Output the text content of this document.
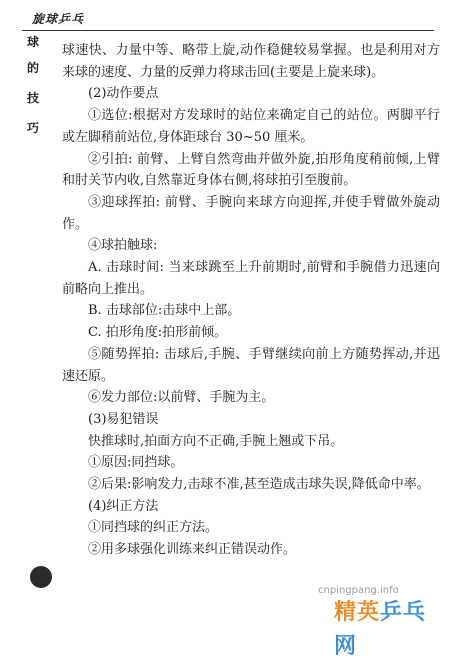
旋球乒乓
球
的
技
巧

球速快、力量中等、略带上旋,动作稳健较易掌握。也是利用对方来球的速度、力量的反弹力将球击回(主要是上旋来球)。

(2)动作要点

①选位:根据对方发球时的站位来确定自己的站位。两脚平行或左脚稍前站位,身体距球台 30~50 厘米。

②引拍: 前臂、上臂自然弯曲并做外旋,拍形角度稍前倾,上臂和肘关节内收,自然靠近身体右侧,将球拍引至腹前。

③迎球挥拍: 前臂、手腕向来球方向迎挥,并使手臂做外旋动作。

④球拍触球:

A. 击球时间: 当来球跳至上升前期时,前臂和手腕借力迅速向前略向上推出。

B. 击球部位:击球中上部。

C. 拍形角度:拍形前倾。

⑤随势挥拍: 击球后,手腕、手臂继续向前上方随势挥动,并迅速还原。

⑥发力部位:以前臂、手腕为主。

(3)易犯错误

快推球时,拍面方向不正确,手腕上翘或下吊。

①原因:同挡球。

②后果:影响发力,击球不准,甚至造成击球失误,降低命中率。

(4)纠正方法

①同挡球的纠正方法。

②用多球强化训练来纠正错误动作。

cnpingpang.info
精英乒乓网
